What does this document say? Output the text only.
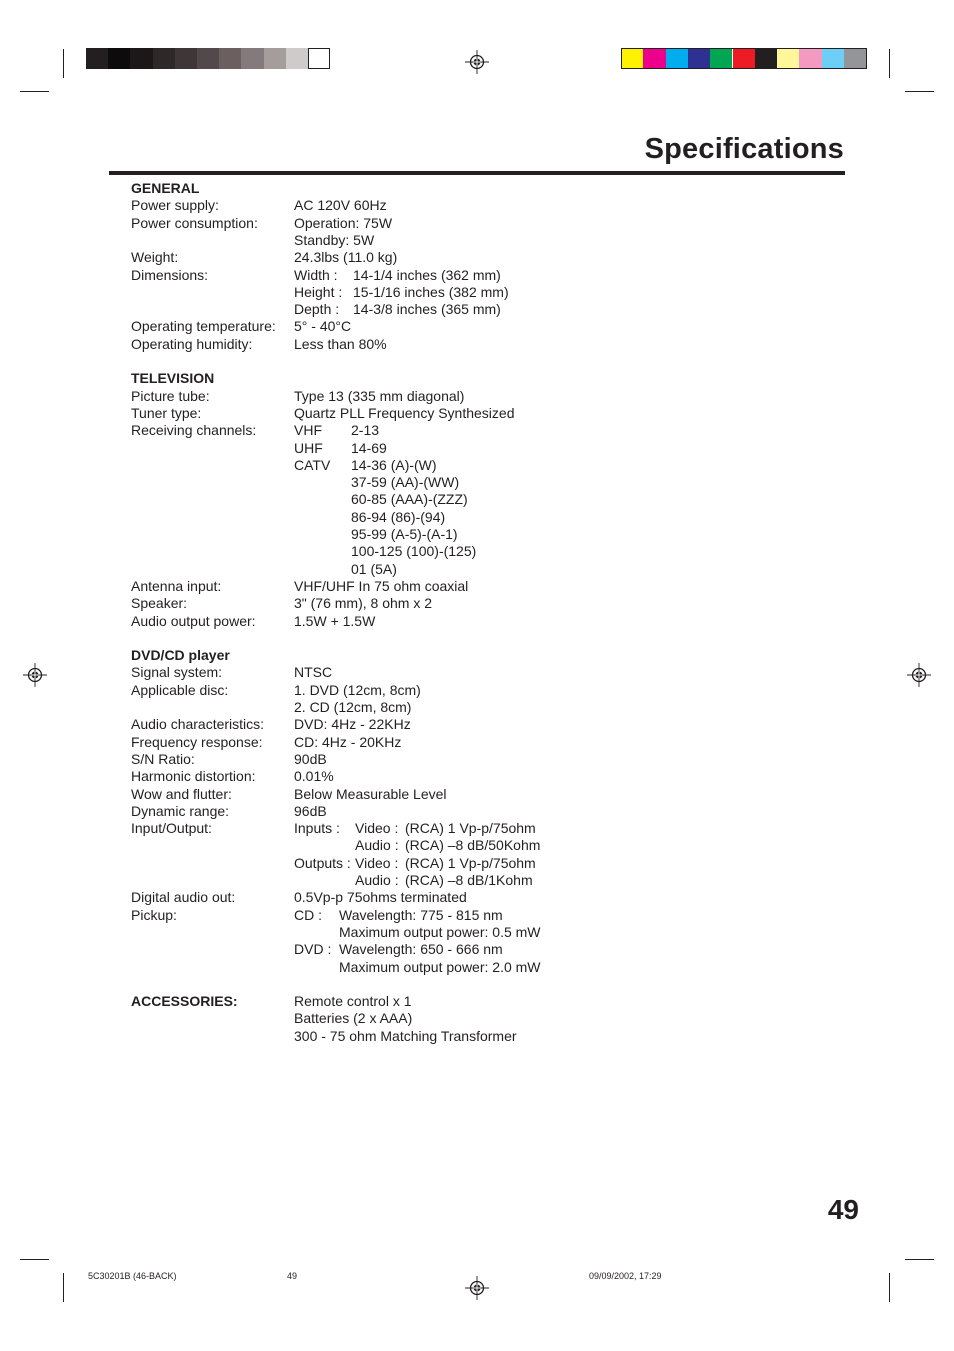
Specifications
GENERAL
Power supply:	AC 120V 60Hz
Power consumption:	Operation: 75W
Standby: 5W
Weight:	24.3lbs (11.0 kg)
Dimensions:	Width : 14-1/4 inches (362 mm)
Height : 15-1/16 inches (382 mm)
Depth : 14-3/8 inches (365 mm)
Operating temperature: 5° - 40°C
Operating humidity:	Less than 80%
TELEVISION
Picture tube:	Type 13 (335 mm diagonal)
Tuner type:	Quartz PLL Frequency Synthesized
Receiving channels:	VHF 2-13
UHF 14-69
CATV 14-36 (A)-(W)
37-59 (AA)-(WW)
60-85 (AAA)-(ZZZ)
86-94 (86)-(94)
95-99 (A-5)-(A-1)
100-125 (100)-(125)
01 (5A)
Antenna input:	VHF/UHF In 75 ohm coaxial
Speaker:	3" (76 mm), 8 ohm x 2
Audio output power:	1.5W + 1.5W
DVD/CD player
Signal system:	NTSC
Applicable disc:	1. DVD (12cm, 8cm)
2. CD (12cm, 8cm)
Audio characteristics: DVD: 4Hz - 22KHz
Frequency response: CD: 4Hz - 20KHz
S/N Ratio:	90dB
Harmonic distortion:	0.01%
Wow and flutter:	Below Measurable Level
Dynamic range:	96dB
Input/Output:	Inputs : Video : (RCA) 1 Vp-p/75ohm
Audio : (RCA) –8 dB/50Kohm
Outputs : Video : (RCA) 1 Vp-p/75ohm
Audio : (RCA) –8 dB/1Kohm
Digital audio out:	0.5Vp-p 75ohms terminated
Pickup:	CD : Wavelength: 775 - 815 nm
Maximum output power: 0.5 mW
DVD : Wavelength: 650 - 666 nm
Maximum output power: 2.0 mW
ACCESSORIES:	Remote control x 1
Batteries (2 x AAA)
300 - 75 ohm Matching Transformer
49
5C30201B (46-BACK)	49	09/09/2002, 17:29
